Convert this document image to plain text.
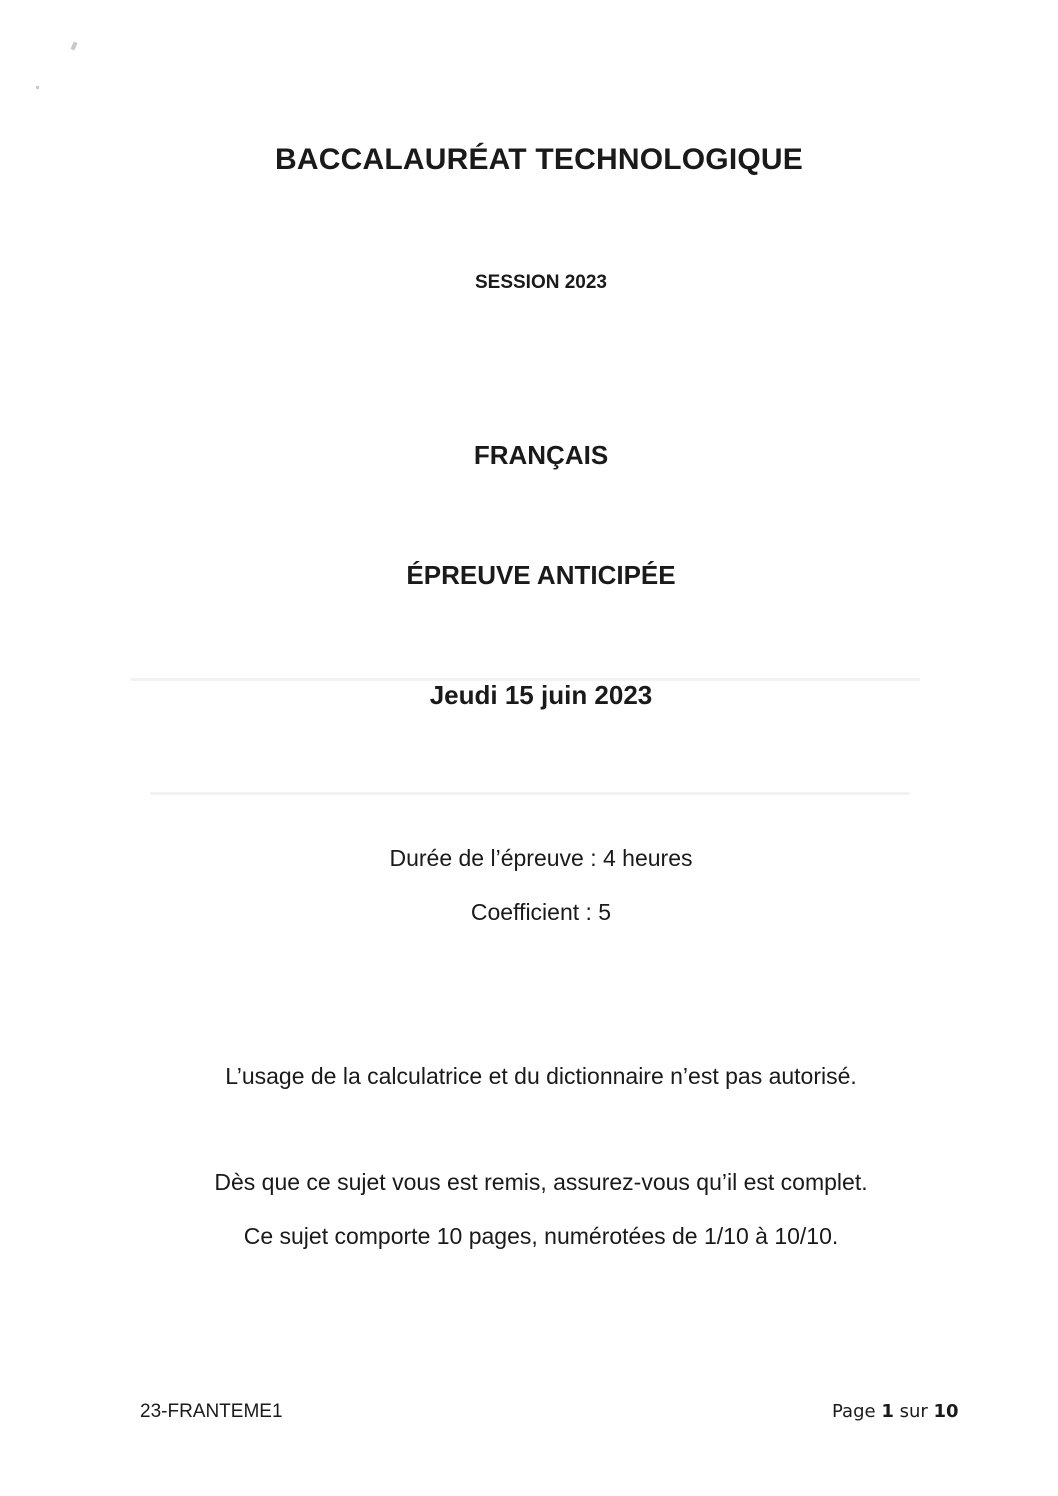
BACCALAURÉAT TECHNOLOGIQUE
SESSION 2023
FRANÇAIS
ÉPREUVE ANTICIPÉE
Jeudi 15 juin 2023
Durée de l’épreuve : 4 heures
Coefficient : 5
L’usage de la calculatrice et du dictionnaire n’est pas autorisé.
Dès que ce sujet vous est remis, assurez-vous qu’il est complet.
Ce sujet comporte 10 pages, numérotées de 1/10 à 10/10.
23-FRANTEME1	Page 1 sur 10
